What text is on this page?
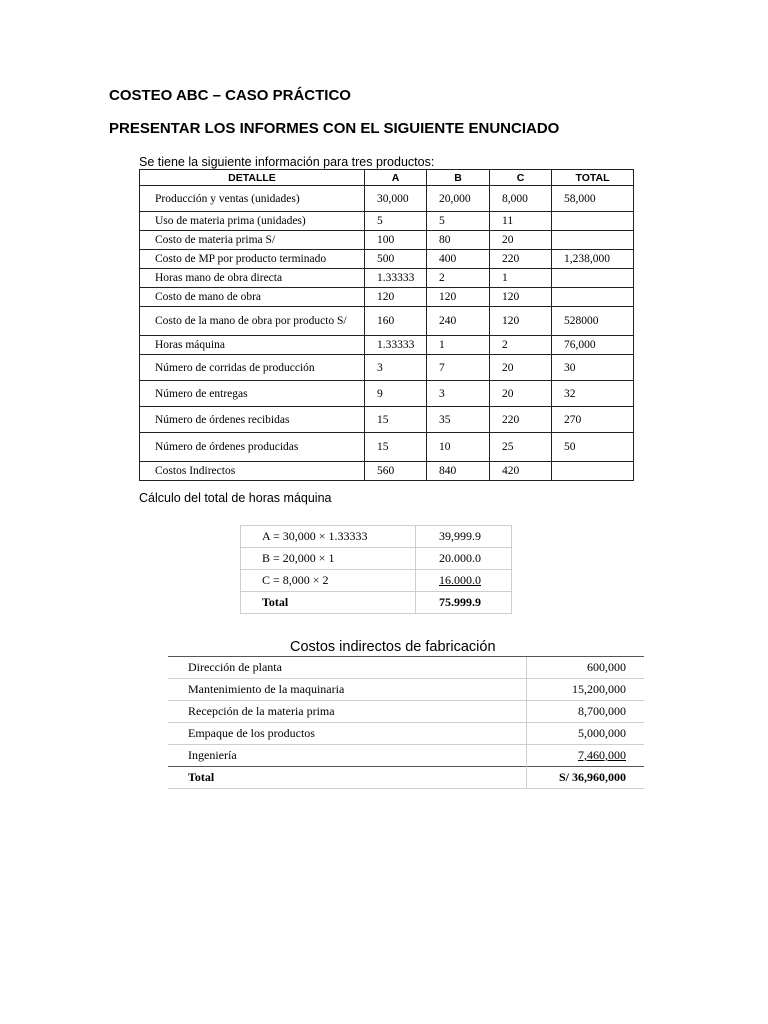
COSTEO ABC – CASO PRÁCTICO
PRESENTAR LOS INFORMES CON EL SIGUIENTE ENUNCIADO
Se tiene la siguiente información para tres productos:
DETALLE	A	B	C	TOTAL
Producción y ventas (unidades)	30,000	20,000	8,000	58,000
Uso de materia prima (unidades)	5	5	11	
Costo de materia prima S/	100	80	20	
Costo de MP por producto terminado	500	400	220	1,238,000
Horas mano de obra directa	1.33333	2	1	
Costo de mano de obra	120	120	120	
Costo de la mano de obra por producto S/	160	240	120	528000
Horas máquina	1.33333	1	2	76,000
Número de corridas de producción	3	7	20	30
Número de entregas	9	3	20	32
Número de órdenes recibidas	15	35	220	270
Número de órdenes producidas	15	10	25	50
Costos Indirectos	560	840	420	
Cálculo del total de horas máquina
A = 30,000 × 1.33333	39,999.9
B = 20,000 × 1	20.000.0
C = 8,000 × 2	16.000.0
Total	75.999.9
Costos indirectos de fabricación
Dirección de planta	600,000
Mantenimiento de la maquinaria	15,200,000
Recepción de la materia prima	8,700,000
Empaque de los productos	5,000,000
Ingeniería	7,460,000
Total	S/ 36,960,000
